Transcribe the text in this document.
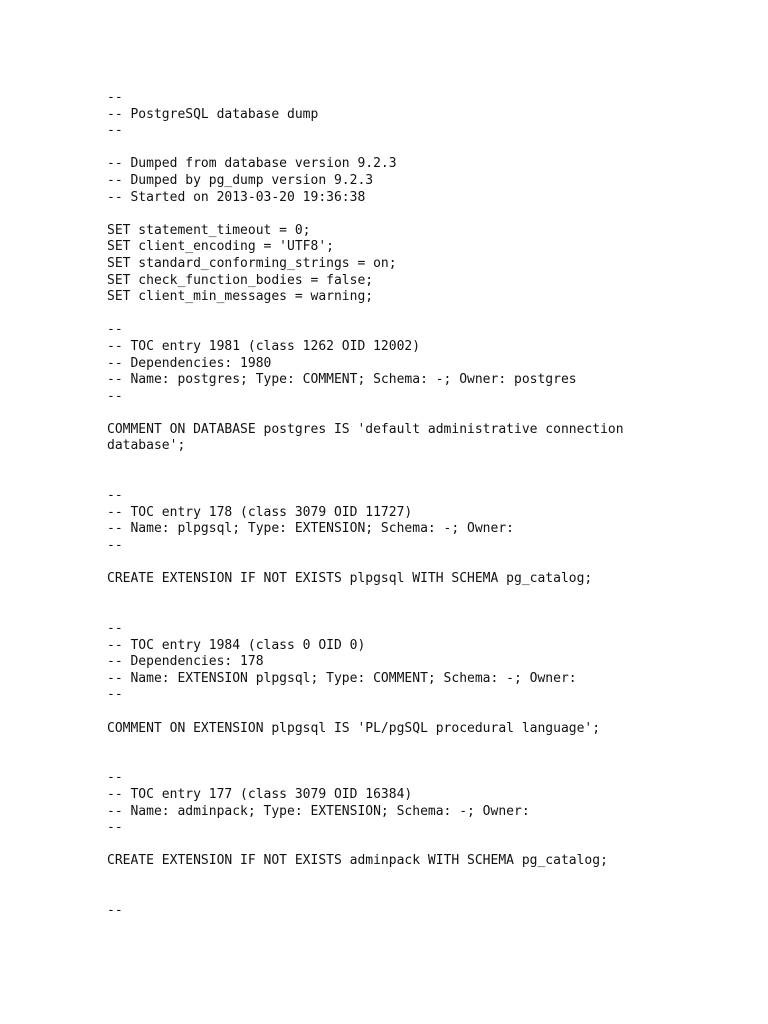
--
-- PostgreSQL database dump
--
-- Dumped from database version 9.2.3
-- Dumped by pg_dump version 9.2.3
-- Started on 2013-03-20 19:36:38
SET statement_timeout = 0;
SET client_encoding = 'UTF8';
SET standard_conforming_strings = on;
SET check_function_bodies = false;
SET client_min_messages = warning;
--
-- TOC entry 1981 (class 1262 OID 12002)
-- Dependencies: 1980
-- Name: postgres; Type: COMMENT; Schema: -; Owner: postgres
--
COMMENT ON DATABASE postgres IS 'default administrative connection
database';
--
-- TOC entry 178 (class 3079 OID 11727)
-- Name: plpgsql; Type: EXTENSION; Schema: -; Owner:
--
CREATE EXTENSION IF NOT EXISTS plpgsql WITH SCHEMA pg_catalog;
--
-- TOC entry 1984 (class 0 OID 0)
-- Dependencies: 178
-- Name: EXTENSION plpgsql; Type: COMMENT; Schema: -; Owner:
--
COMMENT ON EXTENSION plpgsql IS 'PL/pgSQL procedural language';
--
-- TOC entry 177 (class 3079 OID 16384)
-- Name: adminpack; Type: EXTENSION; Schema: -; Owner:
--
CREATE EXTENSION IF NOT EXISTS adminpack WITH SCHEMA pg_catalog;
--
